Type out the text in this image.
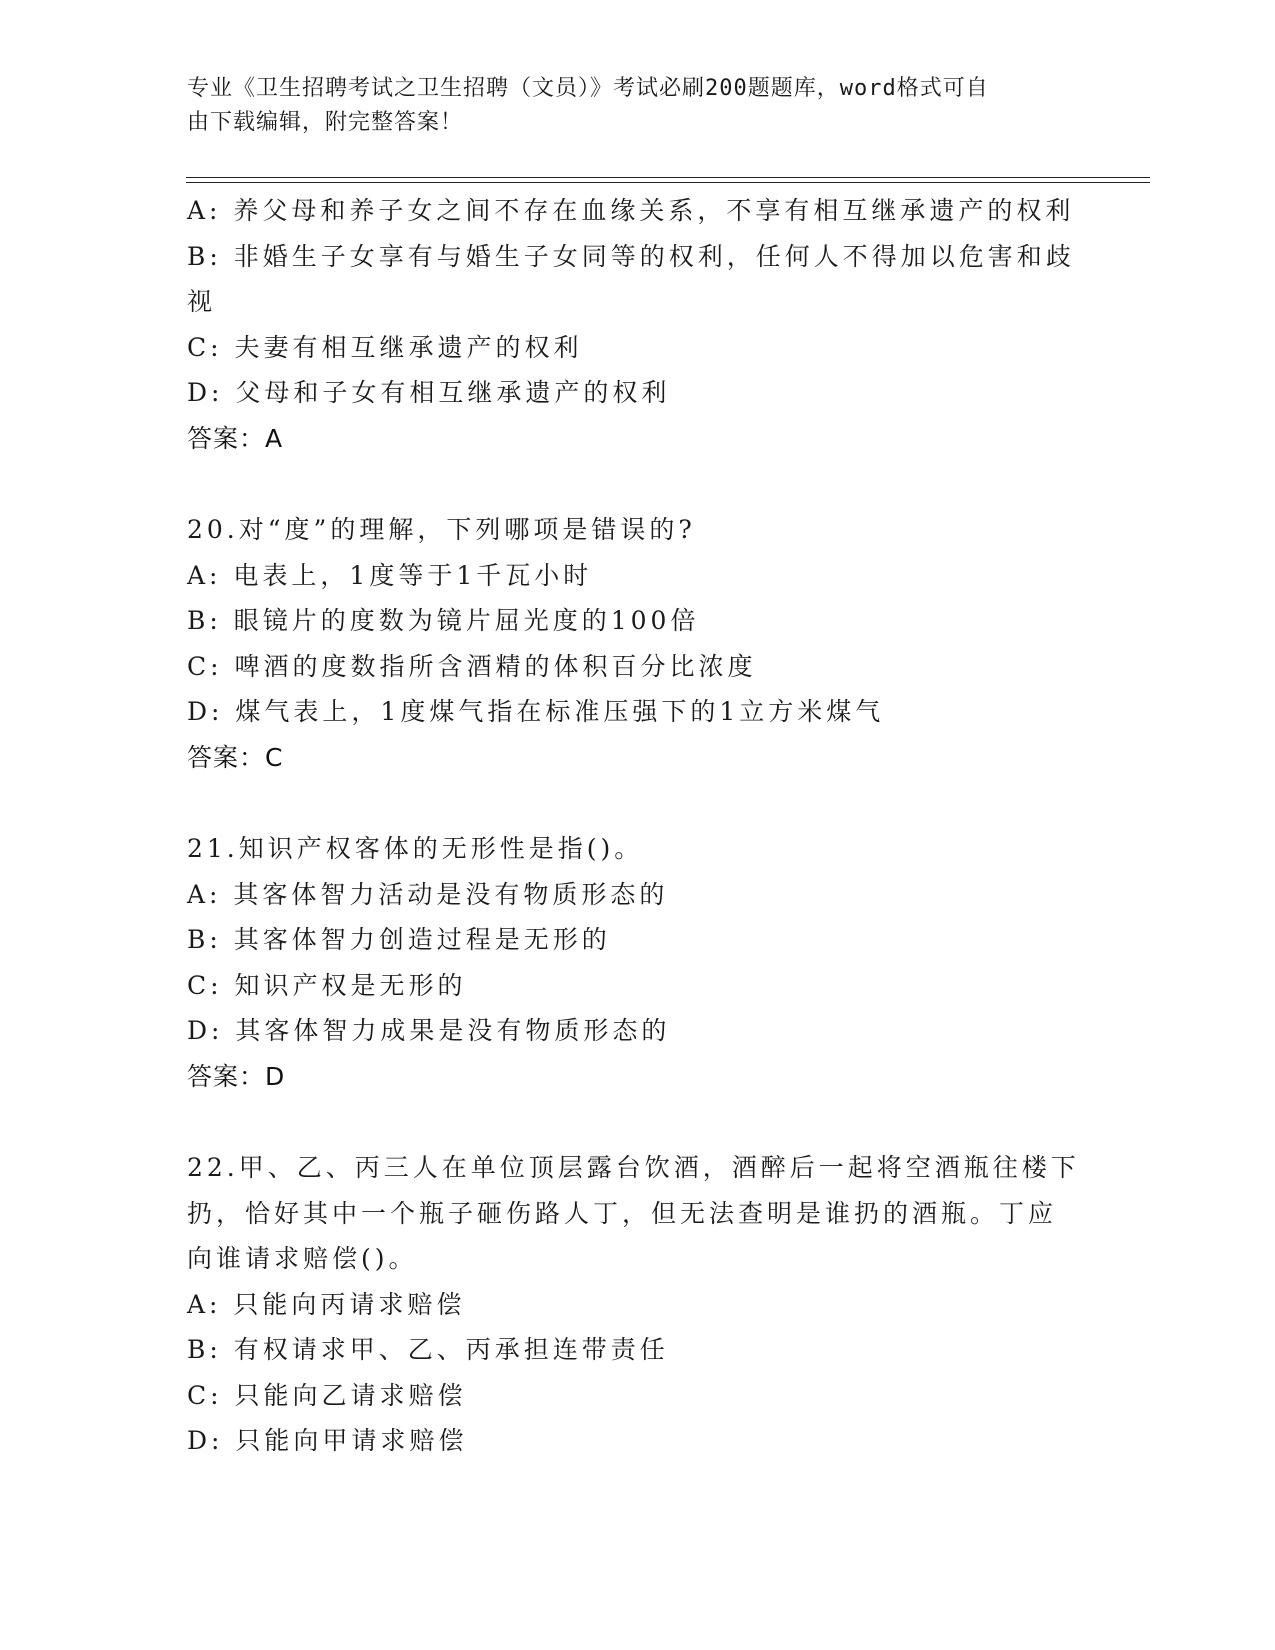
专业《卫生招聘考试之卫生招聘（文员）》考试必刷200题题库，word格式可自
由下载编辑，附完整答案！
A: 养父母和养子女之间不存在血缘关系，不享有相互继承遗产的权利
B: 非婚生子女享有与婚生子女同等的权利，任何人不得加以危害和歧
视
C: 夫妻有相互继承遗产的权利
D: 父母和子女有相互继承遗产的权利
答案：A
20.对“度”的理解，下列哪项是错误的?
A: 电表上，1度等于1千瓦小时
B: 眼镜片的度数为镜片屈光度的100倍
C: 啤酒的度数指所含酒精的体积百分比浓度
D: 煤气表上，1度煤气指在标准压强下的1立方米煤气
答案：C
21.知识产权客体的无形性是指()。
A: 其客体智力活动是没有物质形态的
B: 其客体智力创造过程是无形的
C: 知识产权是无形的
D: 其客体智力成果是没有物质形态的
答案：D
22.甲、乙、丙三人在单位顶层露台饮酒，酒醉后一起将空酒瓶往楼下
扔，恰好其中一个瓶子砸伤路人丁，但无法查明是谁扔的酒瓶。丁应
向谁请求赔偿()。
A: 只能向丙请求赔偿
B: 有权请求甲、乙、丙承担连带责任
C: 只能向乙请求赔偿
D: 只能向甲请求赔偿
